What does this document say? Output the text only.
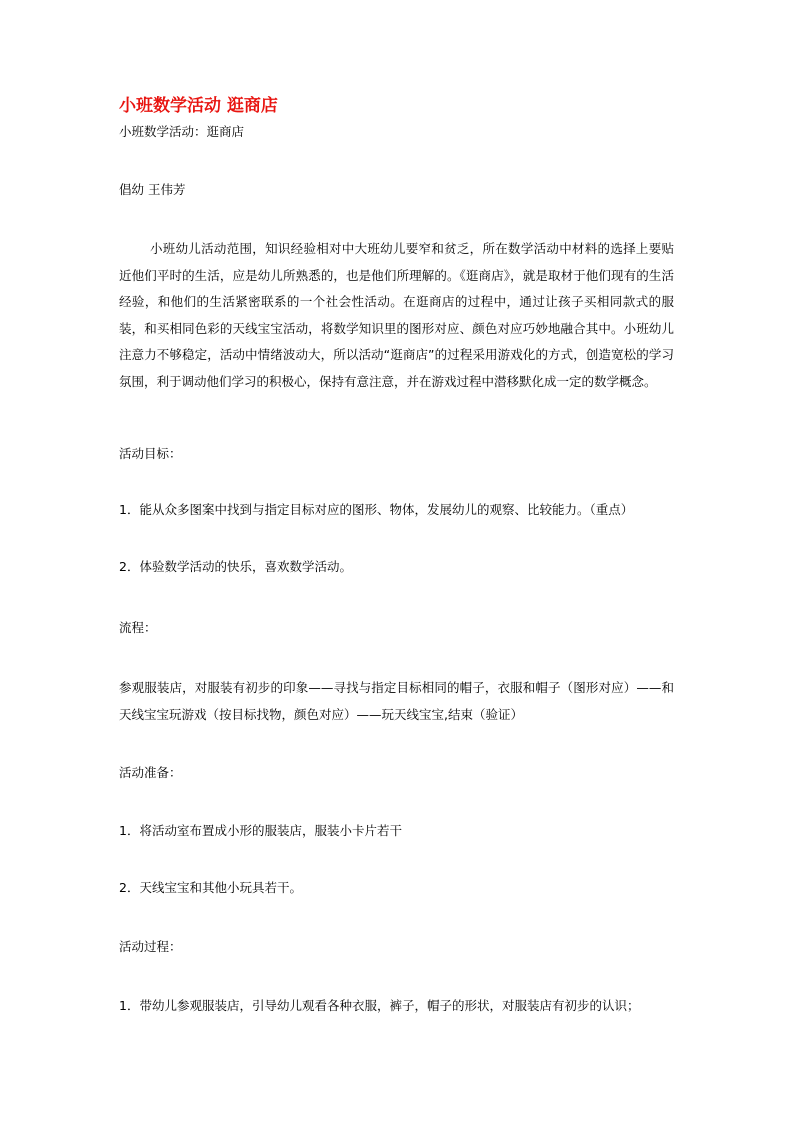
小班数学活动 逛商店
小班数学活动：逛商店
倡幼 王伟芳
小班幼儿活动范围，知识经验相对中大班幼儿要窄和贫乏，所在数学活动中材料的选择上要贴近他们平时的生活，应是幼儿所熟悉的，也是他们所理解的。《逛商店》，就是取材于他们现有的生活经验，和他们的生活紧密联系的一个社会性活动。在逛商店的过程中，通过让孩子买相同款式的服装，和买相同色彩的天线宝宝活动，将数学知识里的图形对应、颜色对应巧妙地融合其中。小班幼儿注意力不够稳定，活动中情绪波动大，所以活动“逛商店”的过程采用游戏化的方式，创造宽松的学习氛围，利于调动他们学习的积极心，保持有意注意，并在游戏过程中潜移默化成一定的数学概念。
活动目标：
1．能从众多图案中找到与指定目标对应的图形、物体，发展幼儿的观察、比较能力。（重点）
2．体验数学活动的快乐，喜欢数学活动。
流程：
参观服装店，对服装有初步的印象——寻找与指定目标相同的帽子，衣服和帽子（图形对应）——和天线宝宝玩游戏（按目标找物，颜色对应）——玩天线宝宝,结束（验证）
活动准备：
1．将活动室布置成小形的服装店，服装小卡片若干
2．天线宝宝和其他小玩具若干。
活动过程：
1．带幼儿参观服装店，引导幼儿观看各种衣服，裤子，帽子的形状，对服装店有初步的认识；
